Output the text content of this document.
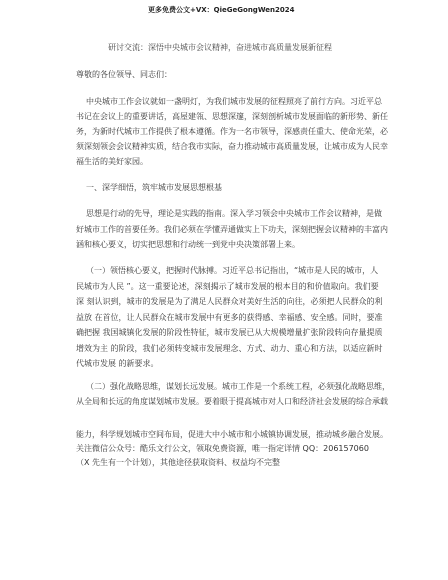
更多免费公文+VX：QieGeGongWen2024
研讨交流：深悟中央城市会议精神，奋进城市高质量发展新征程
尊敬的各位领导、同志们：
中央城市工作会议就如一盏明灯，为我们城市发展的征程照亮了前行方向。习近平总
书记在会议上的重要讲话，高屋建瓴、思想深邃，深刻剖析城市发展面临的新形势、新任
务，为新时代城市工作提供了根本遵循。作为一名市领导，深感责任重大、使命光荣，必
须深刻领会会议精神实质，结合我市实际，奋力推动城市高质量发展，让城市成为人民幸
福生活的美好家园。
一、深学细悟，筑牢城市发展思想根基
思想是行动的先导，理论是实践的指南。深入学习领会中央城市工作会议精神，是做
好城市工作的首要任务。我们必须在学懂弄通做实上下功夫，深刻把握会议精神的丰富内
涵和核心要义，切实把思想和行动统一到党中央决策部署上来。
（一）领悟核心要义，把握时代脉搏。习近平总书记指出，“城市是人民的城市，人
民城市为人民 ”。这一重要论述，深刻揭示了城市发展的根本目的和价值取向。我们要
深 刻认识到，城市的发展是为了满足人民群众对美好生活的向往，必须把人民群众的利
益放 在首位，让人民群众在城市发展中有更多的获得感、幸福感、安全感。同时，要准
确把握 我国城镇化发展的阶段性特征，城市发展已从大规模增量扩张阶段转向存量提质
增效为主 的阶段，我们必须转变城市发展理念、方式、动力、重心和方法，以适应新时
代城市发展 的新要求。
（二）强化战略思维，谋划长远发展。城市工作是一个系统工程，必须强化战略思维，
从全局和长远的角度谋划城市发展。要着眼于提高城市对人口和经济社会发展的综合承载
能力，科学规划城市空间布局，促进大中小城市和小城镇协调发展，推动城乡融合发展。
关注微信公众号：酷乐文行公文，领取免费资源，唯一指定详情 QQ：206157060
（X 先生有一个计划），其他途径获取资料、权益均不完整
